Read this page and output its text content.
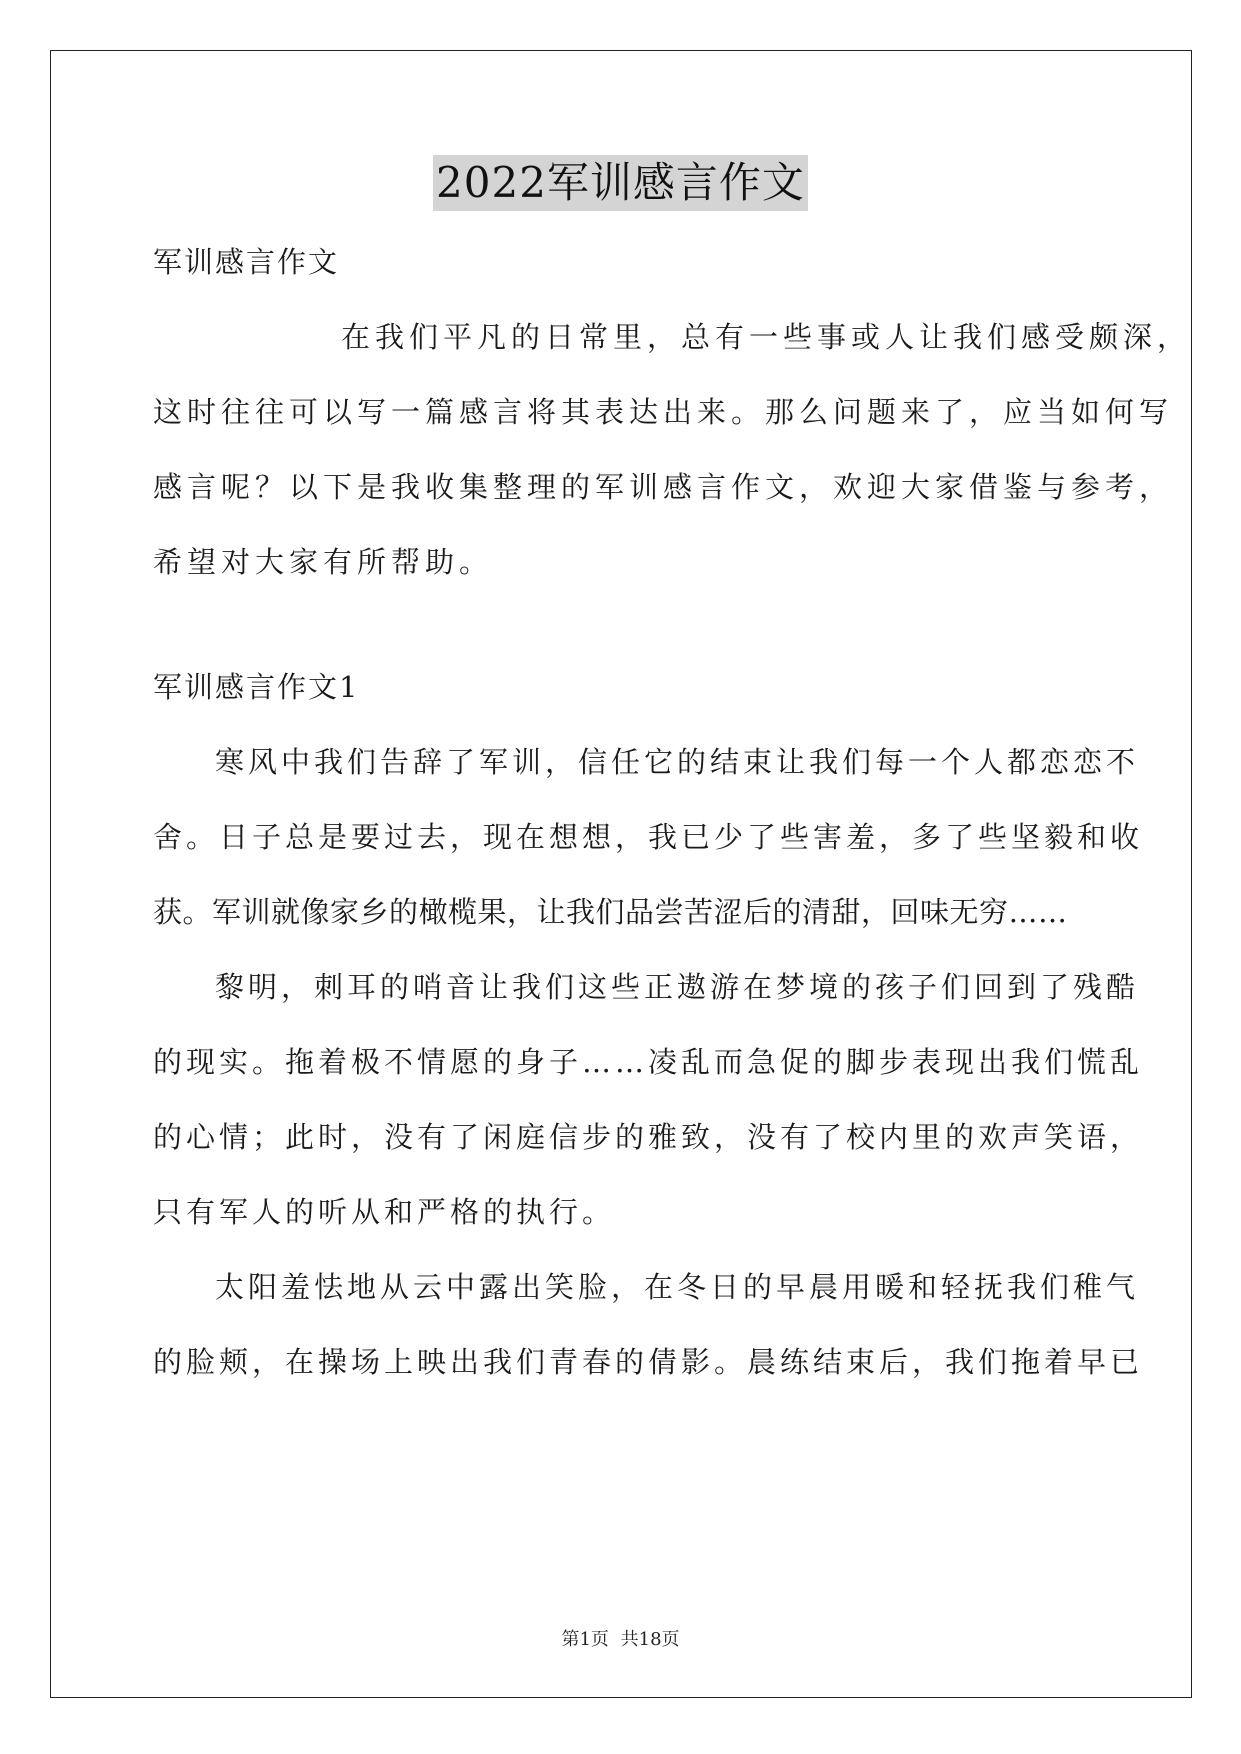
2022军训感言作文
军训感言作文
在我们平凡的日常里，总有一些事或人让我们感受颇深，
这时往往可以写一篇感言将其表达出来。那么问题来了，应当如何写
感言呢？以下是我收集整理的军训感言作文，欢迎大家借鉴与参考，
希望对大家有所帮助。
军训感言作文1
寒风中我们告辞了军训，信任它的结束让我们每一个人都恋恋不
舍。日子总是要过去，现在想想，我已少了些害羞，多了些坚毅和收
获。军训就像家乡的橄榄果，让我们品尝苦涩后的清甜，回味无穷……
黎明，刺耳的哨音让我们这些正遨游在梦境的孩子们回到了残酷
的现实。拖着极不情愿的身子……凌乱而急促的脚步表现出我们慌乱
的心情；此时，没有了闲庭信步的雅致，没有了校内里的欢声笑语，
只有军人的听从和严格的执行。
太阳羞怯地从云中露出笑脸，在冬日的早晨用暖和轻抚我们稚气
的脸颊，在操场上映出我们青春的倩影。晨练结束后，我们拖着早已
第1页 共18页
